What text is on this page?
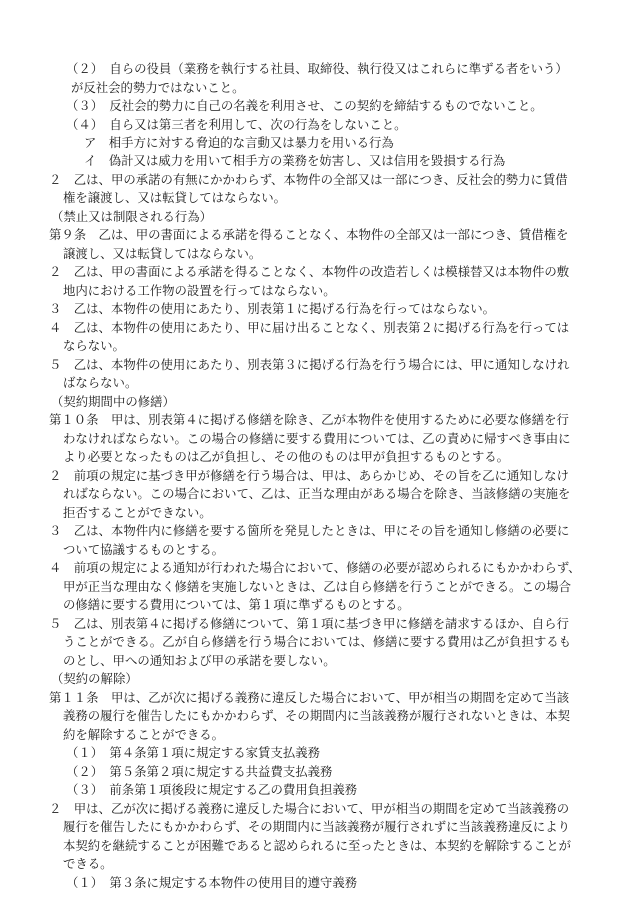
（２）　自らの役員（業務を執行する社員、取締役、執行役又はこれらに準ずる者をいう）
が反社会的勢力ではないこと。
（３）　反社会的勢力に自己の名義を利用させ、この契約を締結するものでないこと。
（４）　自ら又は第三者を利用して、次の行為をしないこと。
ア　相手方に対する脅迫的な言動又は暴力を用いる行為
イ　偽計又は威力を用いて相手方の業務を妨害し、又は信用を毀損する行為
２　乙は、甲の承諾の有無にかかわらず、本物件の全部又は一部につき、反社会的勢力に賃借
権を譲渡し、又は転貸してはならない。
（禁止又は制限される行為）
第９条　乙は、甲の書面による承諾を得ることなく、本物件の全部又は一部につき、賃借権を
譲渡し、又は転貸してはならない。
２　乙は、甲の書面による承諾を得ることなく、本物件の改造若しくは模様替又は本物件の敷
地内における工作物の設置を行ってはならない。
３　乙は、本物件の使用にあたり、別表第１に掲げる行為を行ってはならない。
４　乙は、本物件の使用にあたり、甲に届け出ることなく、別表第２に掲げる行為を行っては
ならない。
５　乙は、本物件の使用にあたり、別表第３に掲げる行為を行う場合には、甲に通知しなけれ
ばならない。
（契約期間中の修繕）
第１０条　甲は、別表第４に掲げる修繕を除き、乙が本物件を使用するために必要な修繕を行
わなければならない。この場合の修繕に要する費用については、乙の責めに帰すべき事由に
より必要となったものは乙が負担し、その他のものは甲が負担するものとする。
２　前項の規定に基づき甲が修繕を行う場合は、甲は、あらかじめ、その旨を乙に通知しなけ
ればならない。この場合において、乙は、正当な理由がある場合を除き、当該修繕の実施を
拒否することができない。
３　乙は、本物件内に修繕を要する箇所を発見したときは、甲にその旨を通知し修繕の必要に
ついて協議するものとする。
４　前項の規定による通知が行われた場合において、修繕の必要が認められるにもかかわらず、
甲が正当な理由なく修繕を実施しないときは、乙は自ら修繕を行うことができる。この場合
の修繕に要する費用については、第１項に準ずるものとする。
５　乙は、別表第４に掲げる修繕について、第１項に基づき甲に修繕を請求するほか、自ら行
うことができる。乙が自ら修繕を行う場合においては、修繕に要する費用は乙が負担するも
のとし、甲への通知および甲の承諾を要しない。
（契約の解除）
第１１条　甲は、乙が次に掲げる義務に違反した場合において、甲が相当の期間を定めて当該
義務の履行を催告したにもかかわらず、その期間内に当該義務が履行されないときは、本契
約を解除することができる。
（１）　第４条第１項に規定する家賃支払義務
（２）　第５条第２項に規定する共益費支払義務
（３）　前条第１項後段に規定する乙の費用負担義務
２　甲は、乙が次に掲げる義務に違反した場合において、甲が相当の期間を定めて当該義務の
履行を催告したにもかかわらず、その期間内に当該義務が履行されずに当該義務違反により
本契約を継続することが困難であると認められるに至ったときは、本契約を解除することが
できる。
（１）　第３条に規定する本物件の使用目的遵守義務
